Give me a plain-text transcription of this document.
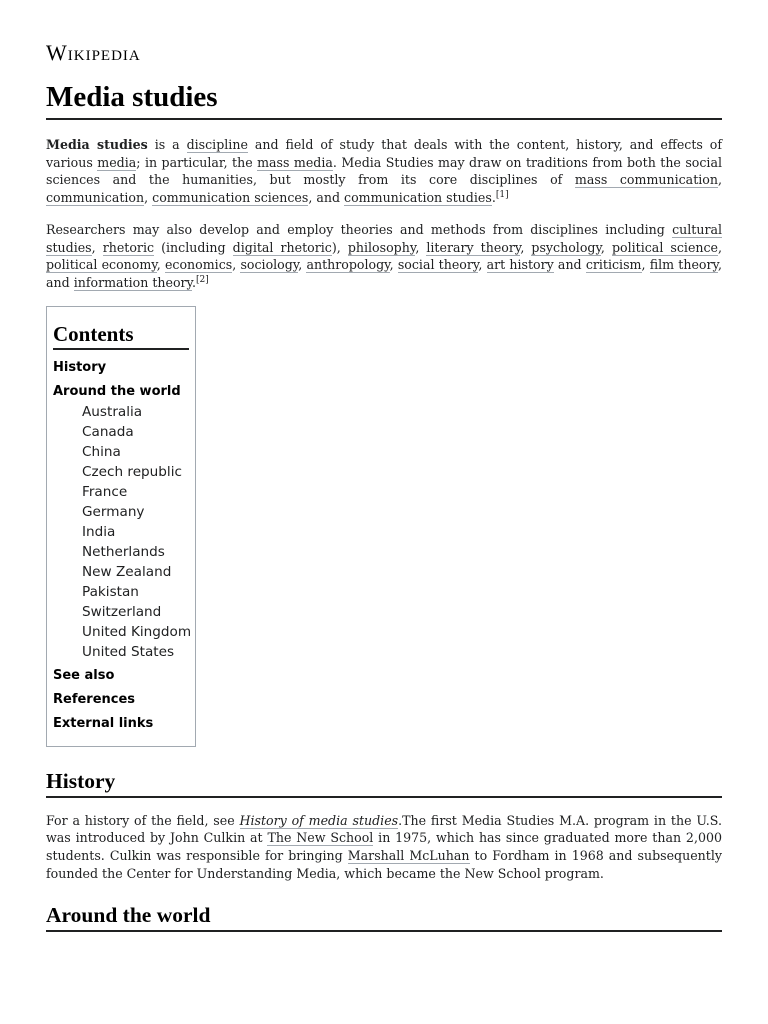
Wikipedia
Media studies

Media studies is a discipline and field of study that deals with the content, history, and effects of various media; in particular, the mass media. Media Studies may draw on traditions from both the social sciences and the humanities, but mostly from its core disciplines of mass communication, communication, communication sciences, and communication studies.[1]

Researchers may also develop and employ theories and methods from disciplines including cultural studies, rhetoric (including digital rhetoric), philosophy, literary theory, psychology, political science, political economy, economics, sociology, anthropology, social theory, art history and criticism, film theory, and information theory.[2]

Contents
History
Around the world
Australia
Canada
China
Czech republic
France
Germany
India
Netherlands
New Zealand
Pakistan
Switzerland
United Kingdom
United States
See also
References
External links
History

For a history of the field, see History of media studies.The first Media Studies M.A. program in the U.S. was introduced by John Culkin at The New School in 1975, which has since graduated more than 2,000 students. Culkin was responsible for bringing Marshall McLuhan to Fordham in 1968 and subsequently founded the Center for Understanding Media, which became the New School program.

Around the world
